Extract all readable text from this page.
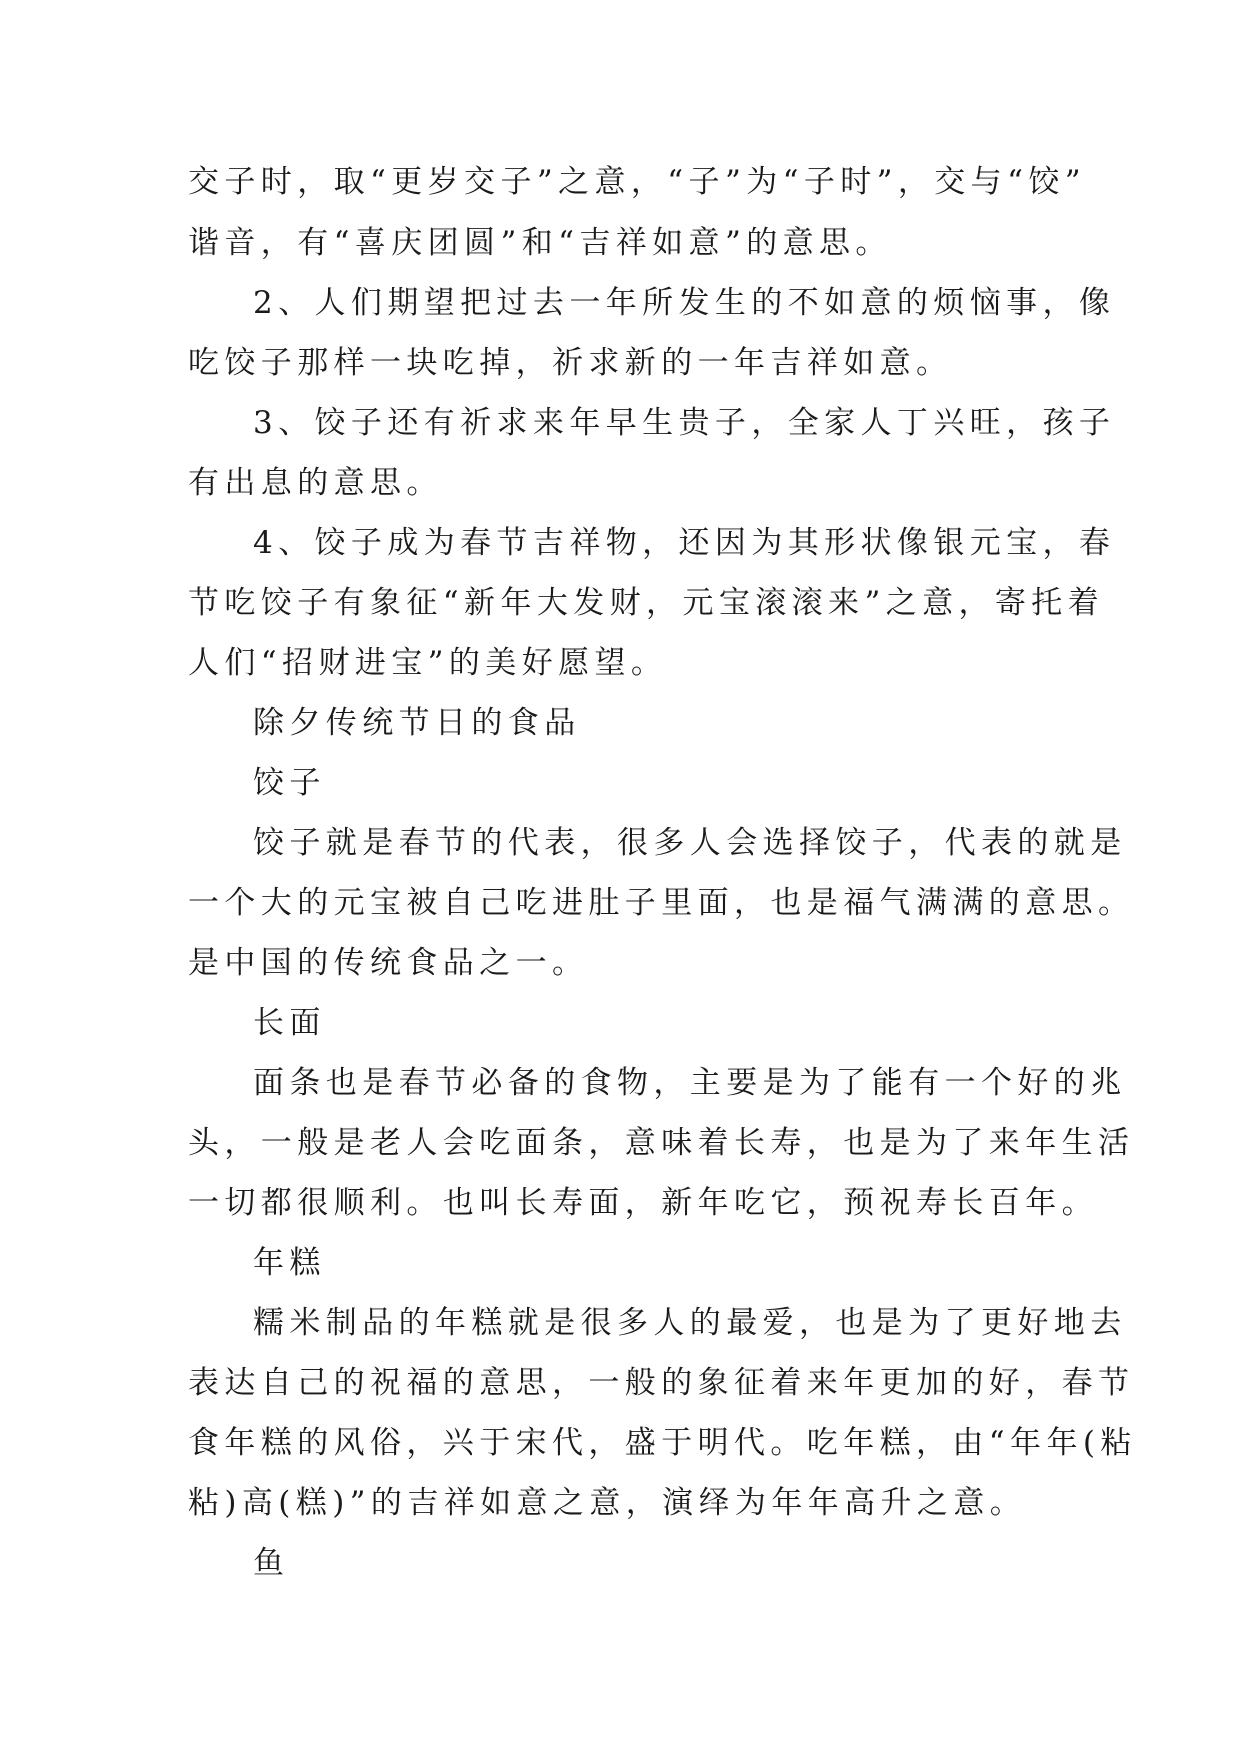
交子时，取“更岁交子”之意，“子”为“子时”，交与“饺”
谐音，有“喜庆团圆”和“吉祥如意”的意思。
2、人们期望把过去一年所发生的不如意的烦恼事，像
吃饺子那样一块吃掉，祈求新的一年吉祥如意。
3、饺子还有祈求来年早生贵子，全家人丁兴旺，孩子
有出息的意思。
4、饺子成为春节吉祥物，还因为其形状像银元宝，春
节吃饺子有象征“新年大发财，元宝滚滚来”之意，寄托着
人们“招财进宝”的美好愿望。
除夕传统节日的食品
饺子
饺子就是春节的代表，很多人会选择饺子，代表的就是
一个大的元宝被自己吃进肚子里面，也是福气满满的意思。
是中国的传统食品之一。
长面
面条也是春节必备的食物，主要是为了能有一个好的兆
头，一般是老人会吃面条，意味着长寿，也是为了来年生活
一切都很顺利。也叫长寿面，新年吃它，预祝寿长百年。
年糕
糯米制品的年糕就是很多人的最爱，也是为了更好地去
表达自己的祝福的意思，一般的象征着来年更加的好，春节
食年糕的风俗，兴于宋代，盛于明代。吃年糕，由“年年(粘
粘)高(糕)”的吉祥如意之意，演绎为年年高升之意。
鱼
